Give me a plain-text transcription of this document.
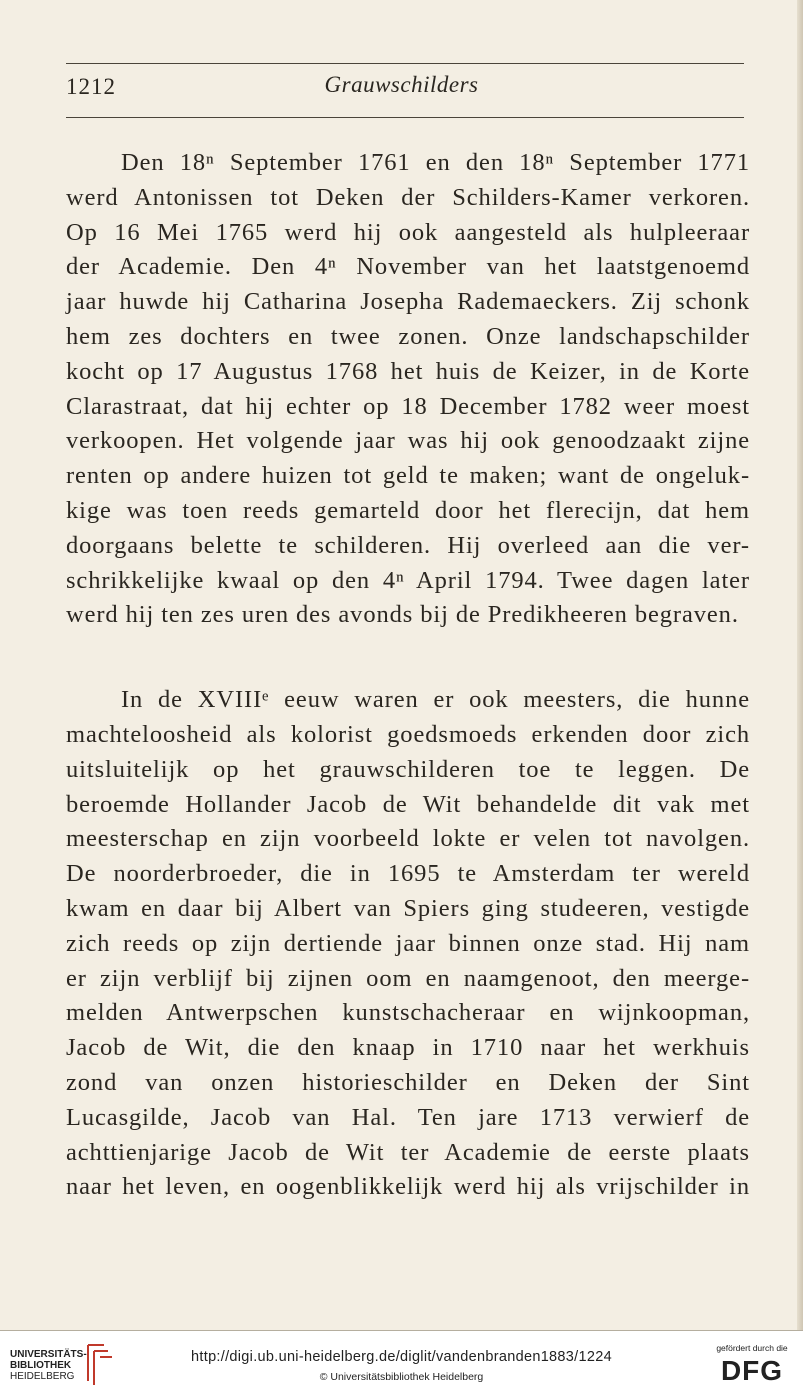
1212	Grauwschilders
Den 18ⁿ September 1761 en den 18ⁿ September 1771
werd Antonissen tot Deken der Schilders-Kamer verkoren.
Op 16 Mei 1765 werd hij ook aangesteld als hulpleeraar
der Academie. Den 4ⁿ November van het laatstgenoemd
jaar huwde hij Catharina Josepha Rademaeckers. Zij schonk
hem zes dochters en twee zonen. Onze landschapschilder
kocht op 17 Augustus 1768 het huis de Keizer, in de Korte
Clarastraat, dat hij echter op 18 December 1782 weer moest
verkoopen. Het volgende jaar was hij ook genoodzaakt zijne
renten op andere huizen tot geld te maken; want de ongeluk-
kige was toen reeds gemarteld door het flerecijn, dat hem
doorgaans belette te schilderen. Hij overleed aan die ver-
schrikkelijke kwaal op den 4ⁿ April 1794. Twee dagen later
werd hij ten zes uren des avonds bij de Predikheeren begraven.
In de XVIIIᵉ eeuw waren er ook meesters, die hunne
machteloosheid als kolorist goedsmoeds erkenden door zich
uitsluitelijk op het grauwschilderen toe te leggen. De
beroemde Hollander Jacob de Wit behandelde dit vak met
meesterschap en zijn voorbeeld lokte er velen tot navolgen.
De noorderbroeder, die in 1695 te Amsterdam ter wereld
kwam en daar bij Albert van Spiers ging studeeren, vestigde
zich reeds op zijn dertiende jaar binnen onze stad. Hij nam
er zijn verblijf bij zijnen oom en naamgenoot, den meerge-
melden Antwerpschen kunstschacheraar en wijnkoopman,
Jacob de Wit, die den knaap in 1710 naar het werkhuis
zond van onzen historieschilder en Deken der Sint
Lucasgilde, Jacob van Hal. Ten jare 1713 verwierf de
achttienjarige Jacob de Wit ter Academie de eerste plaats
naar het leven, en oogenblikkelijk werd hij als vrijschilder in
UNIVERSITÄTS-
BIBLIOTHEK
HEIDELBERG
http://digi.ub.uni-heidelberg.de/diglit/vandenbranden1883/1224
© Universitätsbibliothek Heidelberg
gefördert durch die
DFG
